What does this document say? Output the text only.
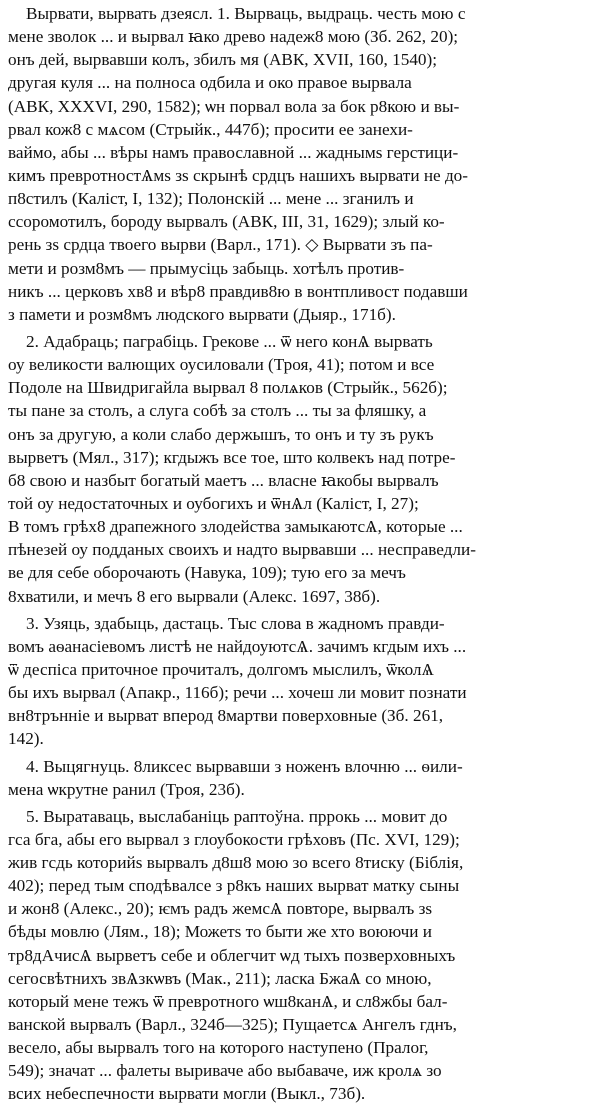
Вырвати, вырвать дзеясл. 1. Вырваць, выдраць. честь мою с
мене зволок ... и вырвал ꙗко древо надеж8 мою (Зб. 262, 20);
онъ дей, вырвавши колъ, збилъ мя (АВК, XVII, 160, 1540);
другая куля ... на полноса одбила и око правое вырвала
(АВК, XXXVI, 290, 1582); ѡн порвал вола за бок р8кою и вы-
рвал кож8 с мѧсом (Стрыйк., 447б); просити ее занехи-
ваймо, абы ... вѣры намъ православной ... жаднымs герстици-
кимъ превротностѦмs зs скрынѣ срдцъ нашихъ вырвати не до-
п8стилъ (Каліст, I, 132); Полонскій ... мене ... зганилъ и
ссоромотилъ, бороду вырвалъ (АВК, III, 31, 1629); злый ко-
рень зs срдца твоего вырви (Варл., 171). ◇ Вырвати зъ па-
мети и розм8мъ — прымусіць забыць. хотѣлъ против-
никъ ... церковъ хв8 и вѣр8 правдив8ю в вонтпливост подавши
з памети и розм8мъ людского вырвати (Дыяр., 171б).
2. Адабраць; пaграбіць. Грекове ... ѿ него конѦ вырвать
оу великости валющих оусиловали (Троя, 41); потом и все
Подоле на Швидригайла вырвал 8 полѧков (Стрыйк., 562б);
ты пане за столъ, а слуга собѣ за столъ ... ты за фляшку, а
онъ за другую, а коли слабо держышъ, то онъ и ту зъ рукъ
вырветъ (Мял., 317); кгдыжъ все тое, што колвекъ над потре-
б8 свою и назбыт богатый маетъ ... власне ꙗкобы вырвалъ
той оу недостаточных и оубогихъ и ѿнѦл (Каліст, I, 27);
В томъ грѣх8 драпежного злодейства замыкаютсѦ, которые ...
пѣнезей оу подданых своихъ и надто вырвавши ... несправедли-
ве для себе оборочають (Навука, 109); тую его за мечъ
8хватили, и мечъ 8 его вырвали (Алекс. 1697, 38б).
3. Узяць, здабыць, дастаць. Тыс слова в жадномъ правди-
вомъ аѳанасіевомъ листѣ не найдоуютсѦ. зачимъ кгдым ихъ ...
ѿ деспіса приточное прочиталъ, долгомъ мыслилъ, ѿколѦ
бы ихъ вырвал (Апакр., 116б); речи ... хочеш ли мовит познати
вн8трънніе и вырват вперод 8мартви поверховные (Зб. 261,
142).
4. Выцягнуць. 8ликсес вырвавши з ноженъ влочню ... ѳили-
мена ѡкрутне ранил (Троя, 23б).
5. Выратаваць, выслабаніць раптоўна. пррокь ... мовит до
гса бга, абы его вырвал з глоубокости грѣховъ (Пс. XVI, 129);
жив гсдь которийs вырвалъ д8ш8 мою зо всего 8тиску (Біблія,
402); перед тым сподѣвалсе з р8къ наших вырват матку сыны
и жон8 (Алекс., 20); ѥмъ радъ жемсѦ повторе, вырвалъ зs
бѣды мовлю (Лям., 18); Можетs то быти же хто воюючи и
тр8дАчисѦ вырветъ себе и облегчит ѡд тыхъ позверховныхъ
сегосвѣтнихъ звѦзкѡвъ (Мак., 211); ласка БжаѦ со мною,
который мене тежъ ѿ превротного ѡш8канѦ, и сл8жбы бал-
ванской вырвалъ (Варл., 324б—325); Пущаетсѧ Ангелъ гднъ,
весело, абы вырвалъ того на которого наступено (Пралог,
549); значат ... фалеты выриваче або выбаваче, иж кролѧ зо
всих небеспечности вырвати могли (Выкл., 73б).
